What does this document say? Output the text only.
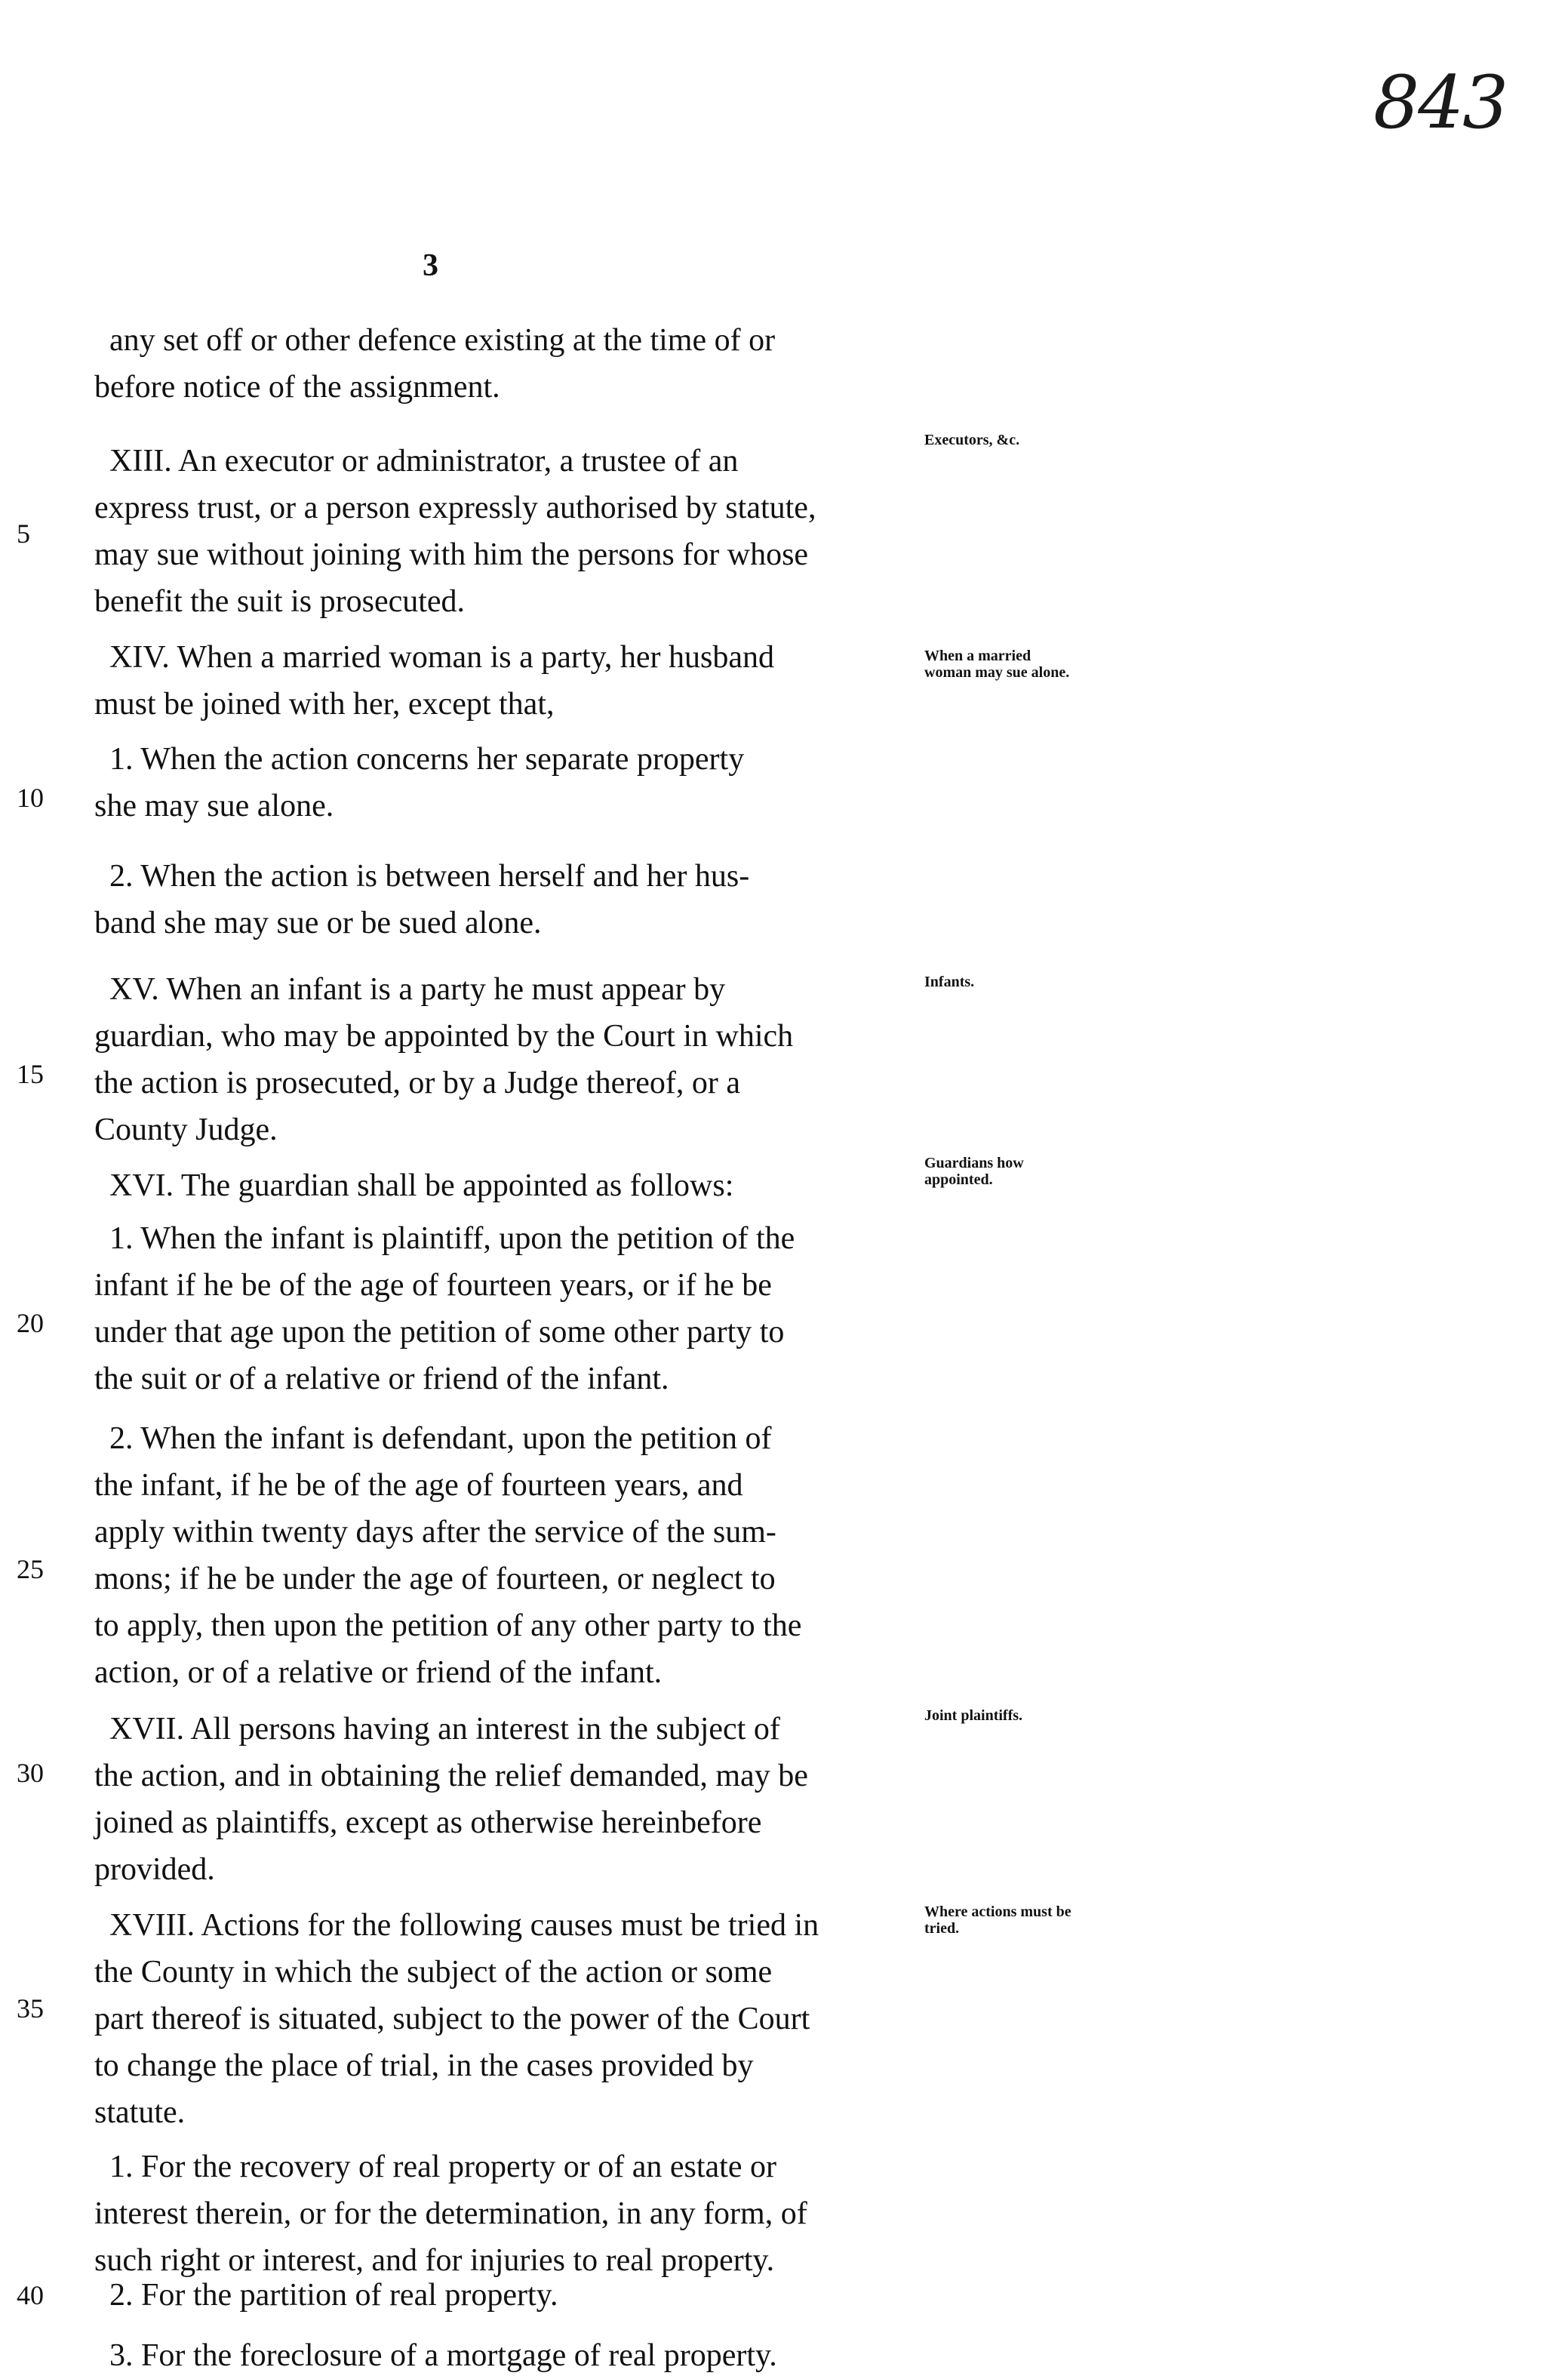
843
3

any set off or other defence existing at the time of or
before notice of the assignment.

XIII. An executor or administrator, a trustee of an
express trust, or a person expressly authorised by statute,
may sue without joining with him the persons for whose
benefit the suit is prosecuted.

XIV. When a married woman is a party, her husband
must be joined with her, except that,

1. When the action concerns her separate property
she may sue alone.

2. When the action is between herself and her hus-
band she may sue or be sued alone.

XV. When an infant is a party he must appear by
guardian, who may be appointed by the Court in which
the action is prosecuted, or by a Judge thereof, or a
County Judge.

XVI. The guardian shall be appointed as follows:

1. When the infant is plaintiff, upon the petition of the
infant if he be of the age of fourteen years, or if he be
under that age upon the petition of some other party to
the suit or of a relative or friend of the infant.

2. When the infant is defendant, upon the petition of
the infant, if he be of the age of fourteen years, and
apply within twenty days after the service of the sum-
mons; if he be under the age of fourteen, or neglect to
to apply, then upon the petition of any other party to the
action, or of a relative or friend of the infant.

XVII. All persons having an interest in the subject of
the action, and in obtaining the relief demanded, may be
joined as plaintiffs, except as otherwise hereinbefore
provided.

XVIII. Actions for the following causes must be tried in
the County in which the subject of the action or some
part thereof is situated, subject to the power of the Court
to change the place of trial, in the cases provided by
statute.

1. For the recovery of real property or of an estate or
interest therein, or for the determination, in any form, of
such right or interest, and for injuries to real property.

2. For the partition of real property.

3. For the foreclosure of a mortgage of real property.

5
10
15
20
25
30
35
40
Executors, &c.
When a married woman may sue alone.
Infants.
Guardians how appointed.
Joint plaintiffs.
Where actions must be tried.
